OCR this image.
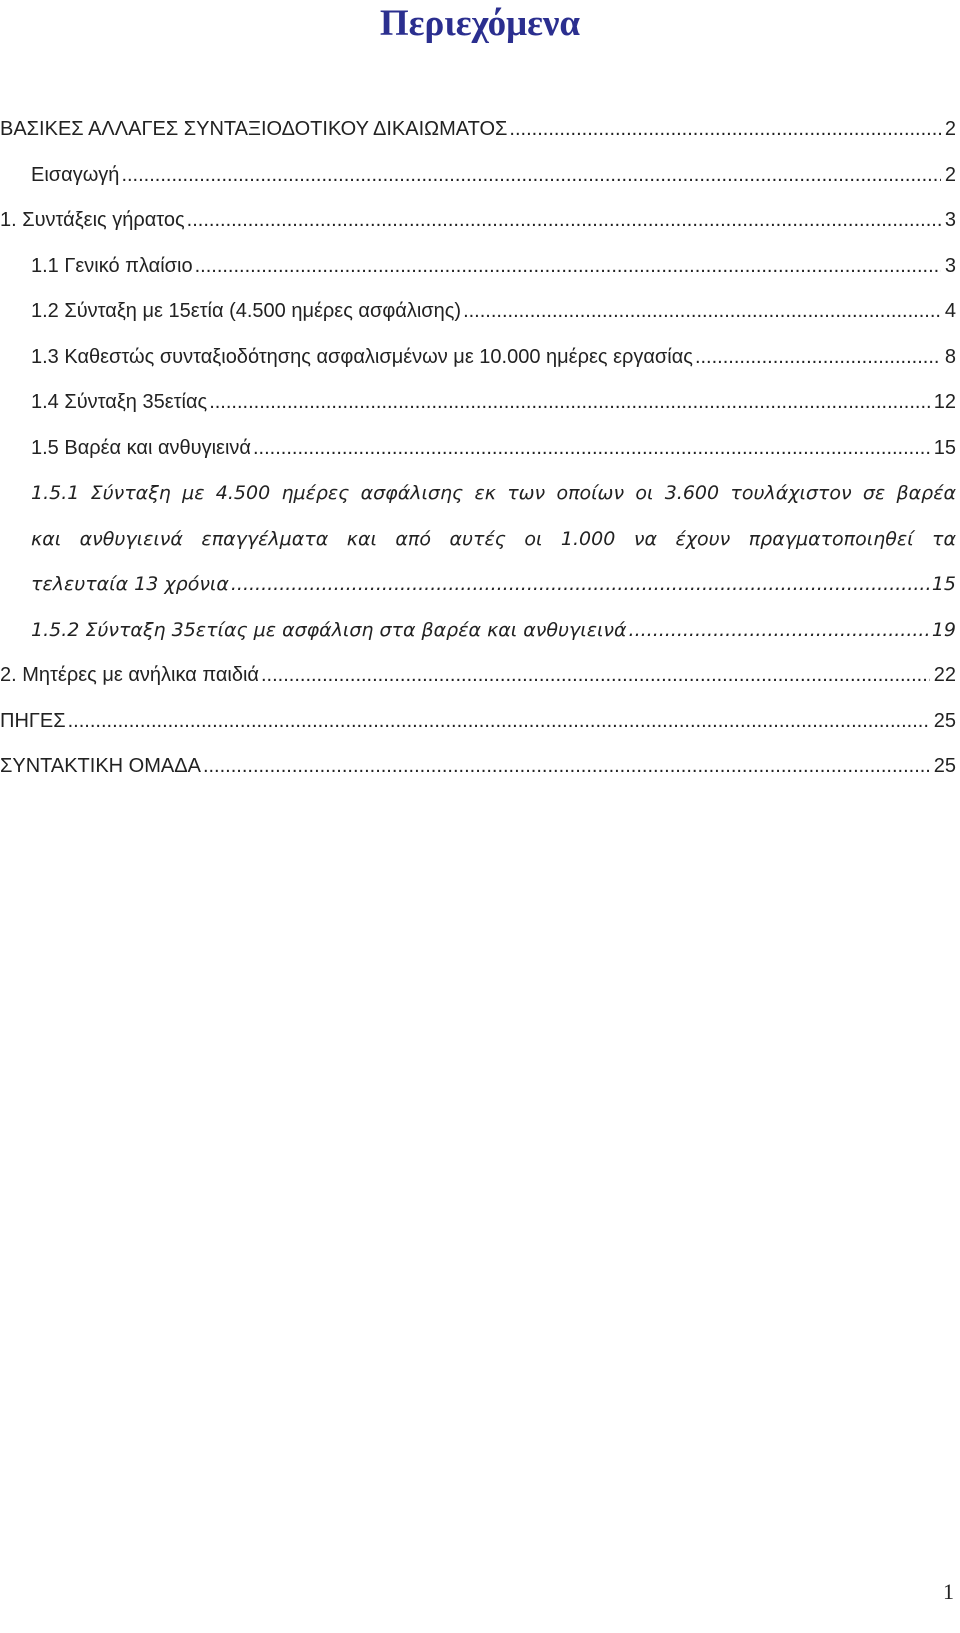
Περιεχόμενα
ΒΑΣΙΚΕΣ ΑΛΛΑΓΕΣ ΣΥΝΤΑΞΙΟΔΟΤΙΚΟΥ ΔΙΚΑΙΩΜΑΤΟΣ .....	2
Εισαγωγή .....	2
1. Συντάξεις γήρατος .....	3
1.1 Γενικό πλαίσιο .....	3
1.2 Σύνταξη με 15ετία (4.500 ημέρες ασφάλισης) .....	4
1.3 Καθεστώς συνταξιοδότησης ασφαλισμένων με 10.000 ημέρες εργασίας .....	8
1.4 Σύνταξη 35ετίας .....	12
1.5 Βαρέα και ανθυγιεινά .....	15
1.5.1 Σύνταξη με 4.500 ημέρες ασφάλισης εκ των οποίων οι 3.600 τουλάχιστον σε βαρέα
και ανθυγιεινά επαγγέλματα και από αυτές οι 1.000 να έχουν πραγματοποιηθεί τα
τελευταία 13 χρόνια .....	15
1.5.2 Σύνταξη 35ετίας με ασφάλιση στα βαρέα και ανθυγιεινά .....	19
2. Μητέρες με ανήλικα παιδιά .....	22
ΠΗΓΕΣ .....	25
ΣΥΝΤΑΚΤΙΚΗ ΟΜΑΔΑ .....	25
1
